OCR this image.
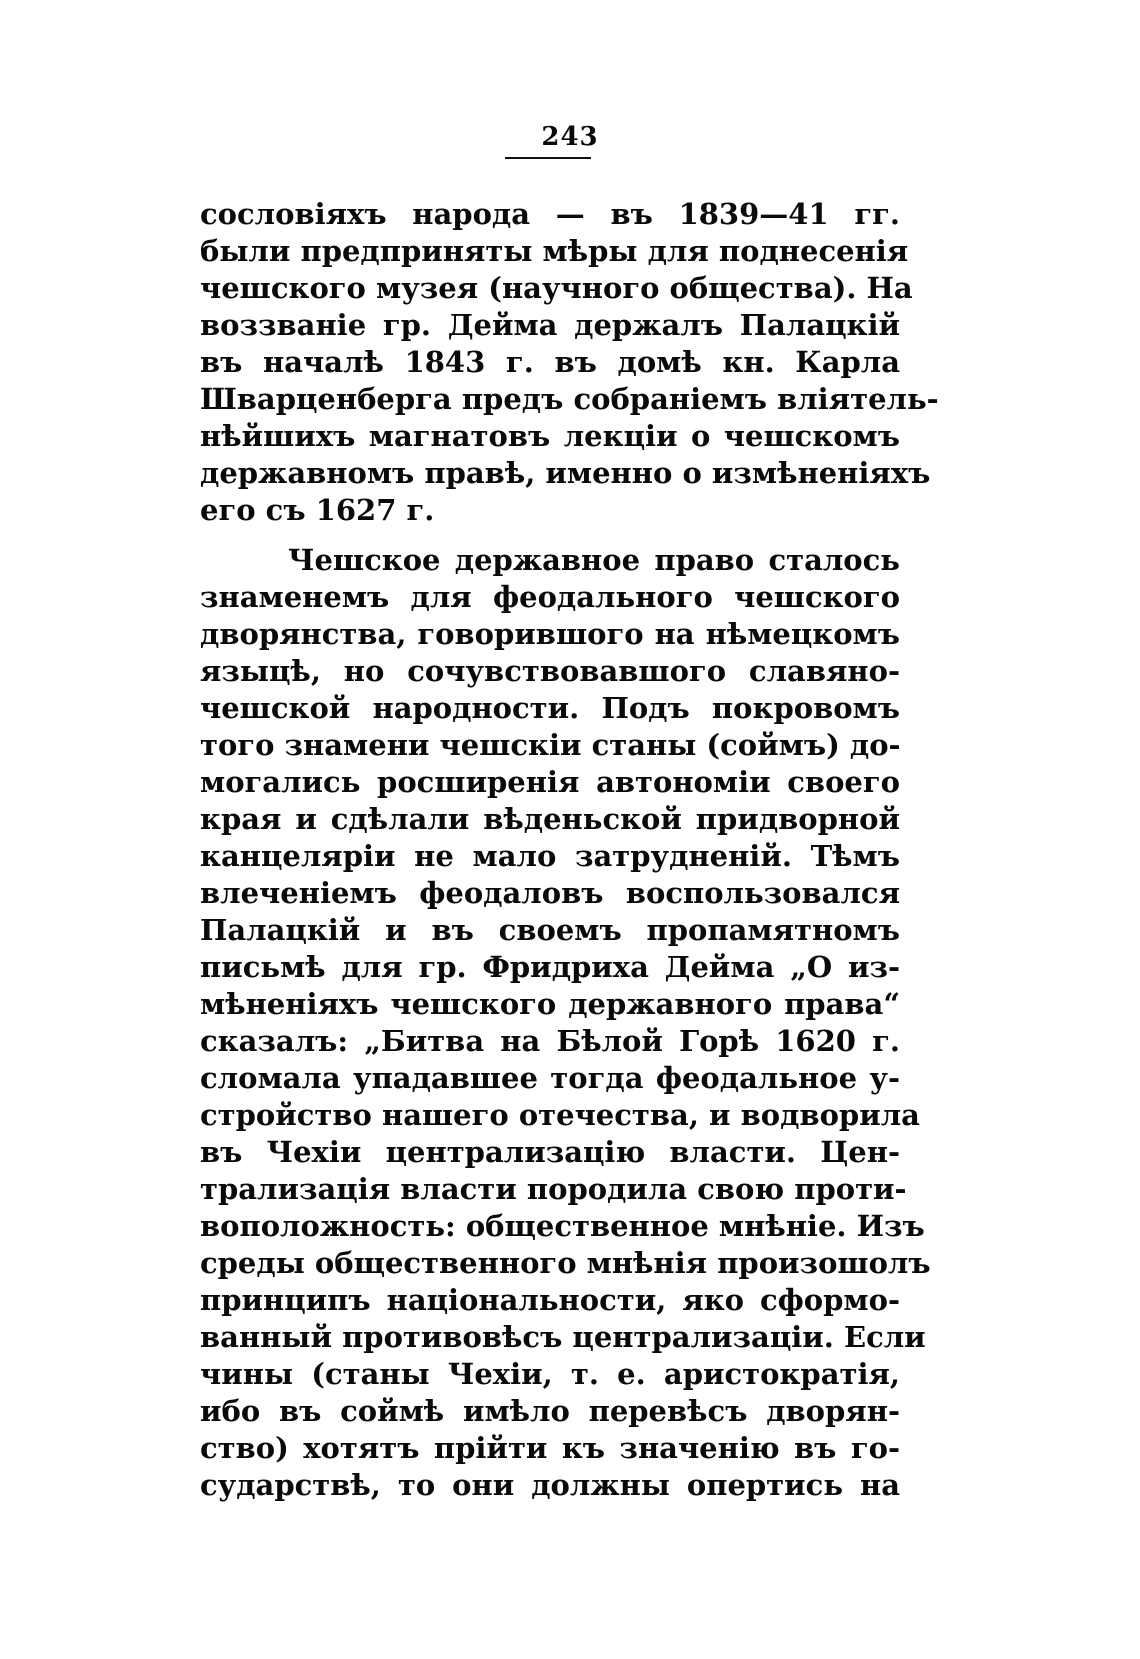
243
сословіяхъ народа — въ 1839—41 гг.
были предприняты мѣры для поднесенія
чешского музея (научного общества). На
воззваніе гр. Дейма держалъ Палацкій
въ началѣ 1843 г. въ домѣ кн. Карла
Шварценберга предъ собраніемъ вліятель-
нѣйшихъ магнатовъ лекціи о чешскомъ
державномъ правѣ, именно о измѣненіяхъ
его съ 1627 г.
Чешское державное право сталось
знаменемъ для феодального чешского
дворянства, говорившого на нѣмецкомъ
языцѣ, но сочувствовавшого славяно-
чешской народности. Подъ покровомъ
того знамени чешскіи станы (соймъ) до-
могались росширенія автономіи своего
края и сдѣлали вѣденьской придворной
канцеляріи не мало затрудненій. Тѣмъ
влеченіемъ феодаловъ воспользовался
Палацкій и въ своемъ пропамятномъ
письмѣ для гр. Фридриха Дейма „О из-
мѣненіяхъ чешского державного права“
сказалъ: „Битва на Бѣлой Горѣ 1620 г.
сломала упадавшее тогда феодальное у-
стройство нашего отечества, и водворила
въ Чехіи централизацію власти. Цен-
трализація власти породила свою проти-
воположность: общественное мнѣніе. Изъ
среды общественного мнѣнія произошолъ
принципъ національности, яко сформо-
ванный противовѣсъ централизаціи. Если
чины (станы Чехіи, т. е. аристократія,
ибо въ соймѣ имѣло перевѣсъ дворян-
ство) хотятъ прійти къ значенію въ го-
сударствѣ, то они должны опертись на
